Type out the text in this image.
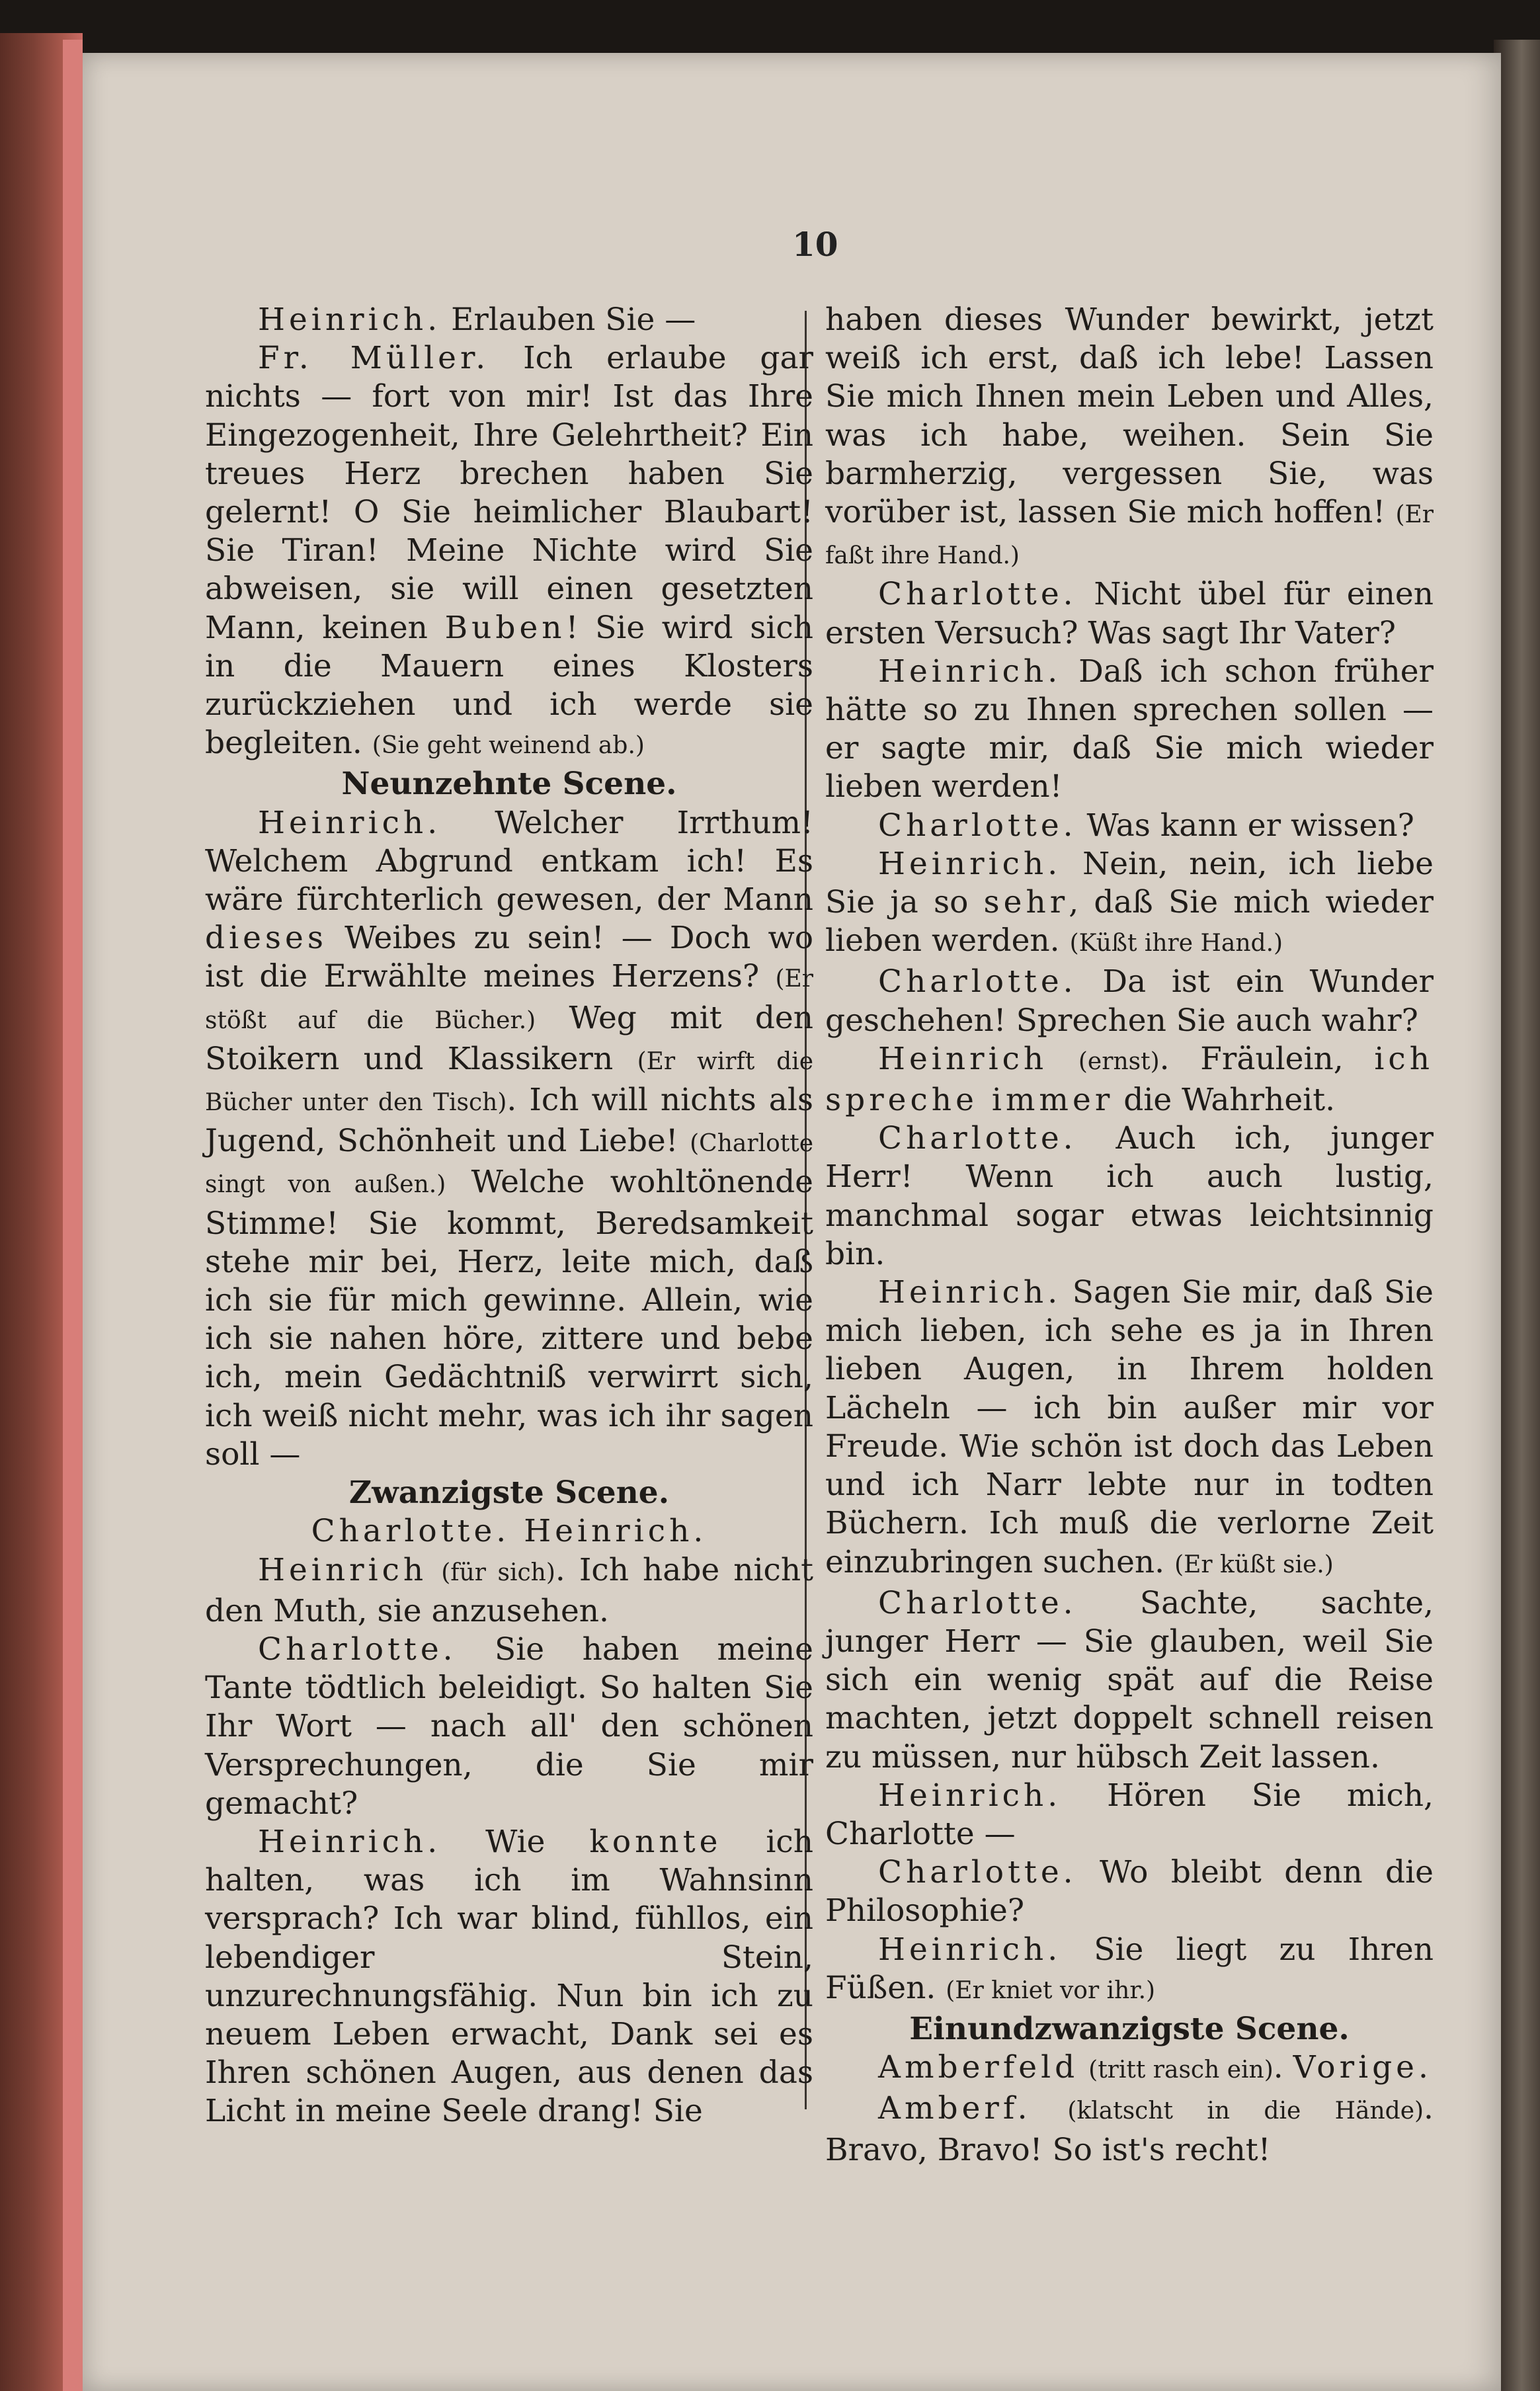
10

Heinrich. Erlauben Sie —

Fr. Müller. Ich erlaube gar nichts — fort von mir! Ist das Ihre Eingezogenheit, Ihre Gelehrtheit? Ein treues Herz brechen haben Sie gelernt! O Sie heimlicher Blaubart! Sie Tiran! Meine Nichte wird Sie abweisen, sie will einen gesetzten Mann, keinen Buben! Sie wird sich in die Mauern eines Klosters zurückziehen und ich werde sie begleiten. (Sie geht weinend ab.)

Neunzehnte Scene.

Heinrich. Welcher Irrthum! Welchem Abgrund entkam ich! Es wäre fürchterlich gewesen, der Mann dieses Weibes zu sein! — Doch wo ist die Erwählte meines Herzens? (Er stößt auf die Bücher.) Weg mit den Stoikern und Klassikern (Er wirft die Bücher unter den Tisch). Ich will nichts als Jugend, Schönheit und Liebe! (Charlotte singt von außen.) Welche wohltönende Stimme! Sie kommt, Beredsamkeit stehe mir bei, Herz, leite mich, daß ich sie für mich gewinne. Allein, wie ich sie nahen höre, zittere und bebe ich, mein Gedächtniß verwirrt sich, ich weiß nicht mehr, was ich ihr sagen soll —

Zwanzigste Scene.

Charlotte. Heinrich.

Heinrich (für sich). Ich habe nicht den Muth, sie anzusehen.

Charlotte. Sie haben meine Tante tödtlich beleidigt. So halten Sie Ihr Wort — nach all' den schönen Versprechungen, die Sie mir gemacht?

Heinrich. Wie konnte ich halten, was ich im Wahnsinn versprach? Ich war blind, fühllos, ein lebendiger Stein, unzurechnungsfähig. Nun bin ich zu neuem Leben erwacht, Dank sei es Ihren schönen Augen, aus denen das Licht in meine Seele drang! Sie

haben dieses Wunder bewirkt, jetzt weiß ich erst, daß ich lebe! Lassen Sie mich Ihnen mein Leben und Alles, was ich habe, weihen. Sein Sie barmherzig, vergessen Sie, was vorüber ist, lassen Sie mich hoffen! (Er faßt ihre Hand.)

Charlotte. Nicht übel für einen ersten Versuch? Was sagt Ihr Vater?

Heinrich. Daß ich schon früher hätte so zu Ihnen sprechen sollen — er sagte mir, daß Sie mich wieder lieben werden!

Charlotte. Was kann er wissen?

Heinrich. Nein, nein, ich liebe Sie ja so sehr, daß Sie mich wieder lieben werden. (Küßt ihre Hand.)

Charlotte. Da ist ein Wunder geschehen! Sprechen Sie auch wahr?

Heinrich (ernst). Fräulein, ich spreche immer die Wahrheit.

Charlotte. Auch ich, junger Herr! Wenn ich auch lustig, manchmal sogar etwas leichtsinnig bin.

Heinrich. Sagen Sie mir, daß Sie mich lieben, ich sehe es ja in Ihren lieben Augen, in Ihrem holden Lächeln — ich bin außer mir vor Freude. Wie schön ist doch das Leben und ich Narr lebte nur in todten Büchern. Ich muß die verlorne Zeit einzubringen suchen. (Er küßt sie.)

Charlotte. Sachte, sachte, junger Herr — Sie glauben, weil Sie sich ein wenig spät auf die Reise machten, jetzt doppelt schnell reisen zu müssen, nur hübsch Zeit lassen.

Heinrich. Hören Sie mich, Charlotte —

Charlotte. Wo bleibt denn die Philosophie?

Heinrich. Sie liegt zu Ihren Füßen. (Er kniet vor ihr.)

Einundzwanzigste Scene.

Amberfeld (tritt rasch ein). Vorige.

Amberf. (klatscht in die Hände). Bravo, Bravo! So ist's recht!
